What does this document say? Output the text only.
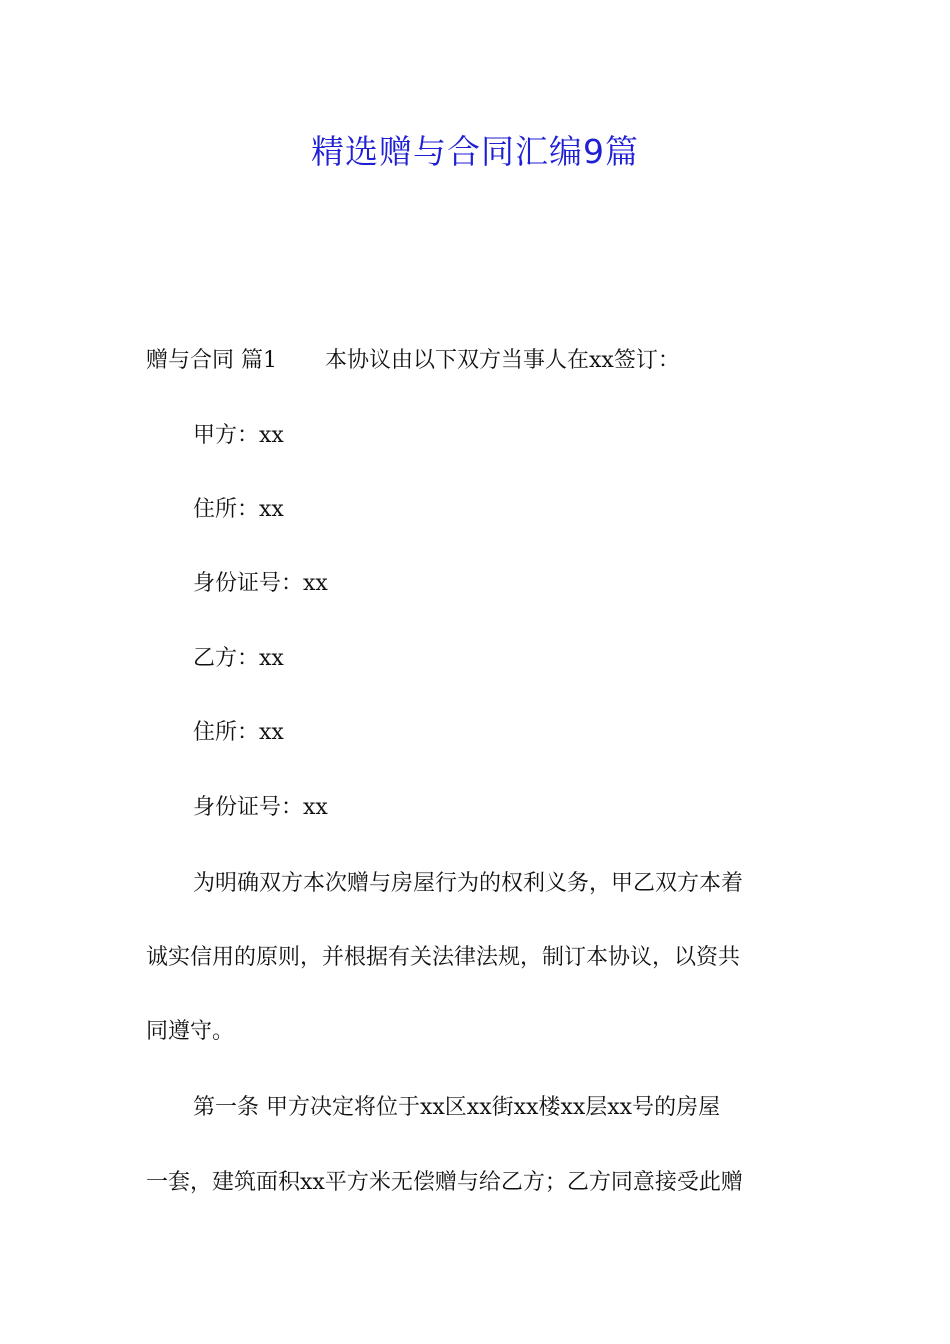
精选赠与合同汇编9篇
赠与合同 篇1 本协议由以下双方当事人在xx签订：
甲方：xx
住所：xx
身份证号：xx
乙方：xx
住所：xx
身份证号：xx
为明确双方本次赠与房屋行为的权利义务，甲乙双方本着
诚实信用的原则，并根据有关法律法规，制订本协议，以资共
同遵守。
第一条 甲方决定将位于xx区xx街xx楼xx层xx号的房屋
一套，建筑面积xx平方米无偿赠与给乙方；乙方同意接受此赠
